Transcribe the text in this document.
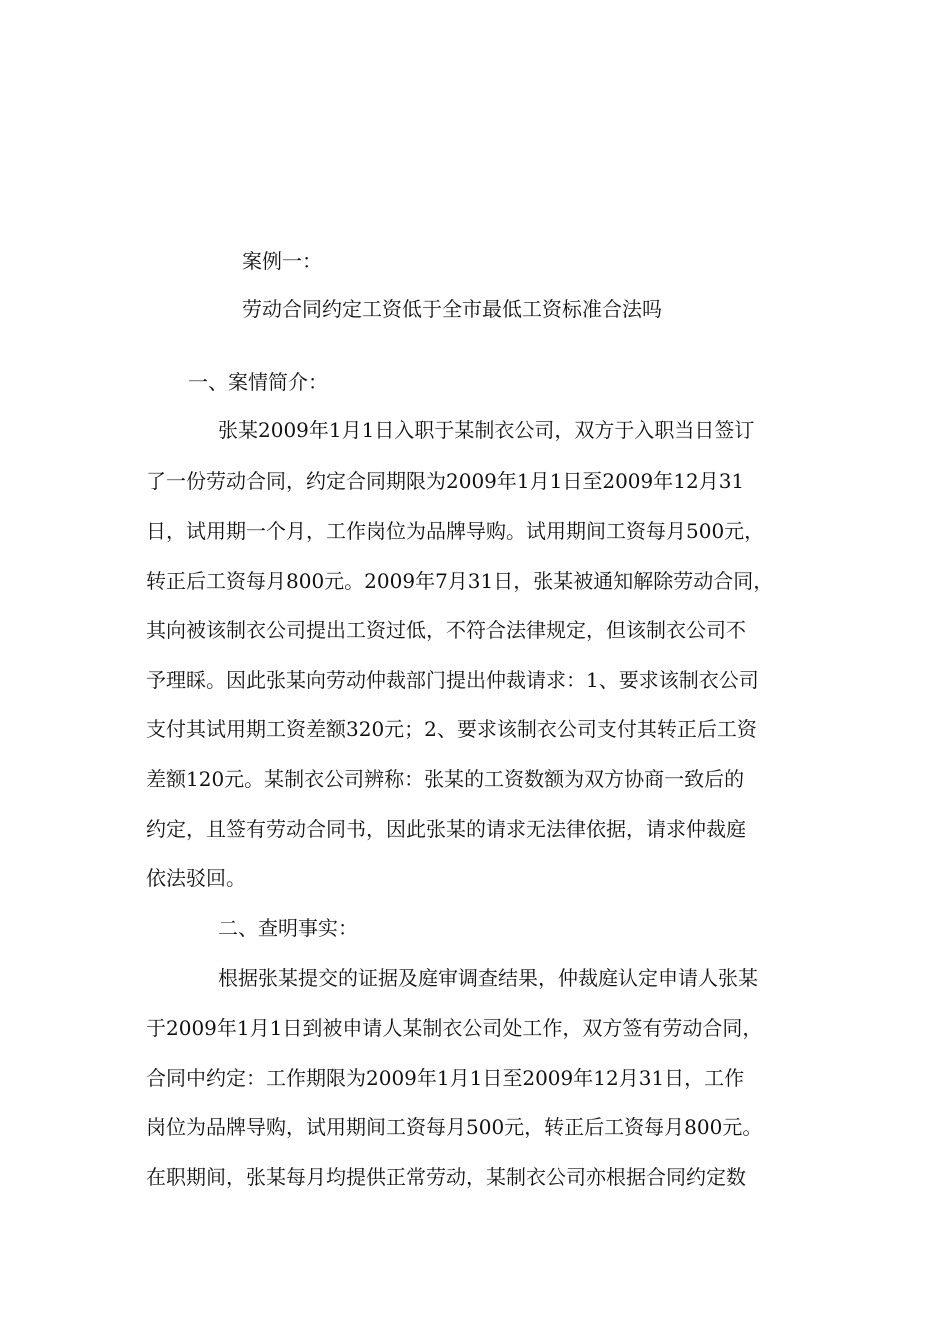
案例一：
劳动合同约定工资低于全市最低工资标准合法吗
一、案情简介：
张某2009年1月1日入职于某制衣公司，双方于入职当日签订
了一份劳动合同，约定合同期限为2009年1月1日至2009年12月31
日，试用期一个月，工作岗位为品牌导购。试用期间工资每月500元，
转正后工资每月800元。2009年7月31日，张某被通知解除劳动合同，
其向被该制衣公司提出工资过低，不符合法律规定，但该制衣公司不
予理睬。因此张某向劳动仲裁部门提出仲裁请求：1、要求该制衣公司
支付其试用期工资差额320元；2、要求该制衣公司支付其转正后工资
差额120元。某制衣公司辨称：张某的工资数额为双方协商一致后的
约定，且签有劳动合同书，因此张某的请求无法律依据，请求仲裁庭
依法驳回。
二、查明事实：
根据张某提交的证据及庭审调查结果，仲裁庭认定申请人张某
于2009年1月1日到被申请人某制衣公司处工作，双方签有劳动合同，
合同中约定：工作期限为2009年1月1日至2009年12月31日，工作
岗位为品牌导购，试用期间工资每月500元，转正后工资每月800元。
在职期间，张某每月均提供正常劳动，某制衣公司亦根据合同约定数
